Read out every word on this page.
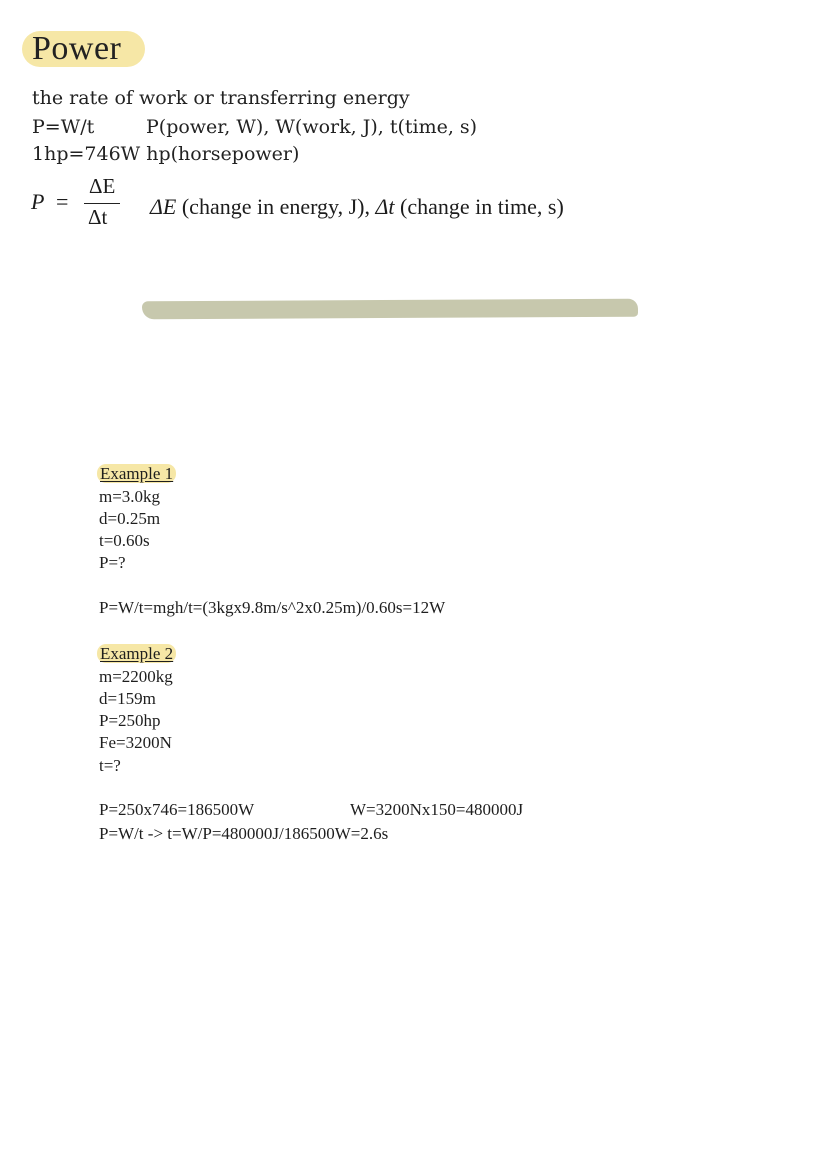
Power
the rate of work or transferring energy
P=W/t	P(power, W), W(work, J), t(time, s)
1hp=746W hp(horsepower)
P =
ΔE
Δt ΔE (change in energy, J), Δt (change in time, s)
Example 1
m=3.0kg
d=0.25m
t=0.60s
P=?
P=W/t=mgh/t=(3kgx9.8m/s^2x0.25m)/0.60s=12W
Example 2
m=2200kg
d=159m
P=250hp
Fe=3200N
t=?
P=250x746=186500W	W=3200Nx150=480000J
P=W/t -> t=W/P=480000J/186500W=2.6s
